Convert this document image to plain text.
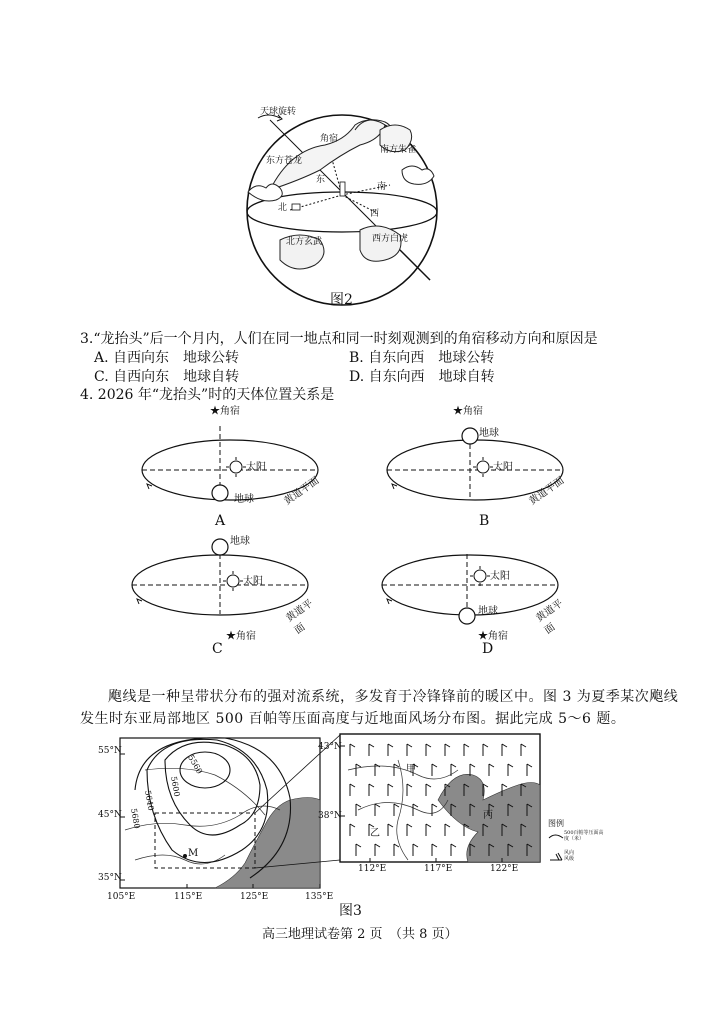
天球旋转
角宿
东方苍龙
南方朱雀
东
南
北
西
北方玄武	西方白虎
图2
3.“龙抬头”后一个月内，人们在同一地点和同一时刻观测到的角宿移动方向和原因是
A. 自西向东　地球公转	B. 自东向西　地球公转
C. 自西向东　地球自转	D. 自东向西　地球自转
4. 2026 年“龙抬头”时的天体位置关系是
★角宿
太阳
地球	黄道平面
A
★角宿
地球
太阳
黄道平面
B
地球
太阳
黄道平面
★角宿
C
太阳
地球	黄道平面
★角宿
D
飑线是一种呈带状分布的强对流系统，多发育于冷锋锋前的暖区中。图 3 为夏季某次飑线
发生时东亚局部地区 500 百帕等压面高度与近地面风场分布图。据此完成 5～6 题。
55°N
45°N
35°N
105°E	115°E	125°E	135°E
5560
5600
5640
5680
M
43°N
38°N
112°E	117°E	122°E
甲
乙
丙
图例
500百帕等压面高度（米）
风向风级
图3
高三地理试卷第 2 页　（共 8 页）
